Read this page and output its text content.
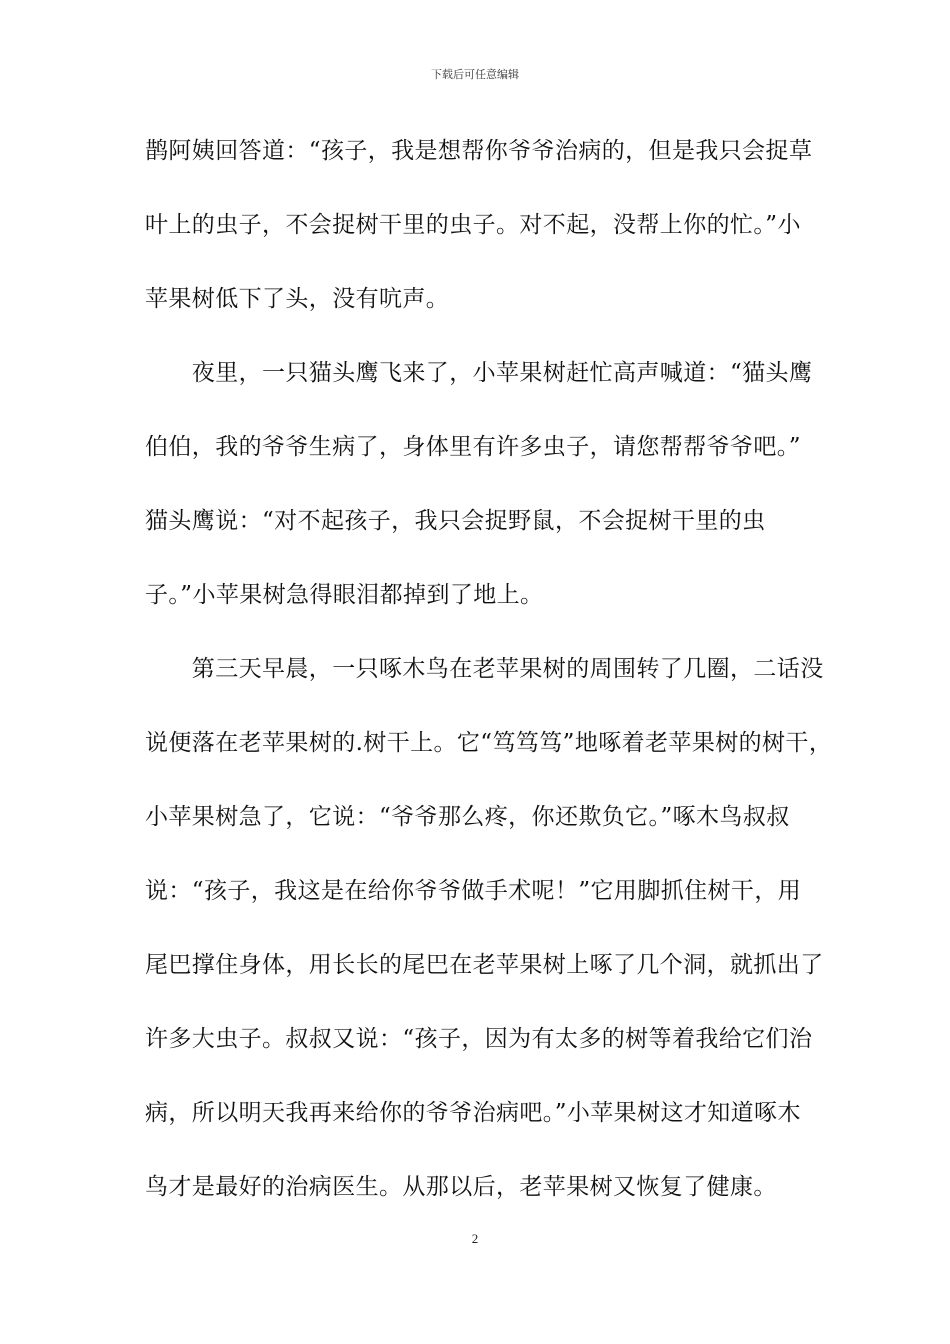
下载后可任意编辑
鹊阿姨回答道：“孩子，我是想帮你爷爷治病的，但是我只会捉草
叶上的虫子，不会捉树干里的虫子。对不起，没帮上你的忙。”小
苹果树低下了头，没有吭声。
　　夜里，一只猫头鹰飞来了，小苹果树赶忙高声喊道：“猫头鹰
伯伯，我的爷爷生病了，身体里有许多虫子，请您帮帮爷爷吧。”
猫头鹰说：“对不起孩子，我只会捉野鼠，不会捉树干里的虫
子。”小苹果树急得眼泪都掉到了地上。
　　第三天早晨，一只啄木鸟在老苹果树的周围转了几圈，二话没
说便落在老苹果树的.树干上。它“笃笃笃”地啄着老苹果树的树干，
小苹果树急了，它说：“爷爷那么疼，你还欺负它。”啄木鸟叔叔
说：“孩子，我这是在给你爷爷做手术呢！”它用脚抓住树干，用
尾巴撑住身体，用长长的尾巴在老苹果树上啄了几个洞，就抓出了
许多大虫子。叔叔又说：“孩子，因为有太多的树等着我给它们治
病，所以明天我再来给你的爷爷治病吧。”小苹果树这才知道啄木
鸟才是最好的治病医生。从那以后，老苹果树又恢复了健康。
2
